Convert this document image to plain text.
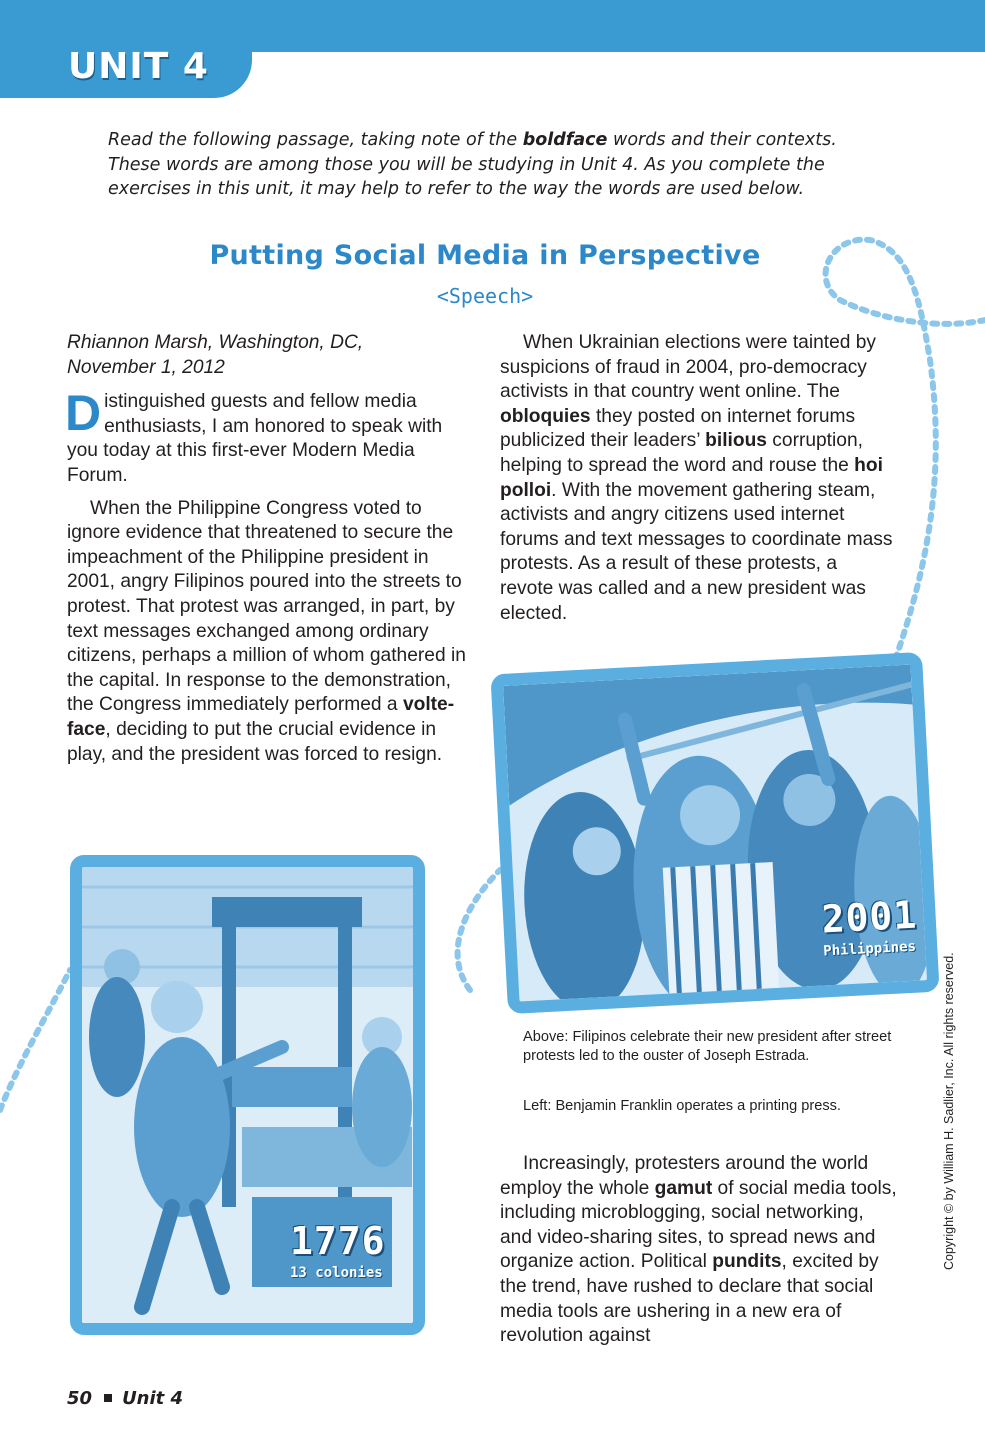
UNIT 4

Read the following passage, taking note of the boldface words and their contexts. These words are among those you will be studying in Unit 4. As you complete the exercises in this unit, it may help to refer to the way the words are used below.

Putting Social Media in Perspective
<Speech>

Rhiannon Marsh, Washington, DC,
November 1, 2012

Distinguished guests and fellow media enthusiasts, I am honored to speak with you today at this first-ever Modern Media Forum.

When the Philippine Congress voted to ignore evidence that threatened to secure the impeachment of the Philippine president in 2001, angry Filipinos poured into the streets to protest. That protest was arranged, in part, by text messages exchanged among ordinary citizens, perhaps a million of whom gathered in the capital. In response to the demonstration, the Congress immediately performed a volte-face, deciding to put the crucial evidence in play, and the president was forced to resign.

When Ukrainian elections were tainted by suspicions of fraud in 2004, pro-democracy activists in that country went online. The obloquies they posted on internet forums publicized their leaders’ bilious corruption, helping to spread the word and rouse the hoi polloi. With the movement gathering steam, activists and angry citizens used internet forums and text messages to coordinate mass protests. As a result of these protests, a revote was called and a new president was elected.

2001
Philippines
1776
13 colonies

Above: Filipinos celebrate their new president after street protests led to the ouster of Joseph Estrada.

Left: Benjamin Franklin operates a printing press.

Increasingly, protesters around the world employ the whole gamut of social media tools, including microblogging, social networking, and video-sharing sites, to spread news and organize action. Political pundits, excited by the trend, have rushed to declare that social media tools are ushering in a new era of revolution against

Copyright © by William H. Sadlier, Inc. All rights reserved.
50 Unit 4
